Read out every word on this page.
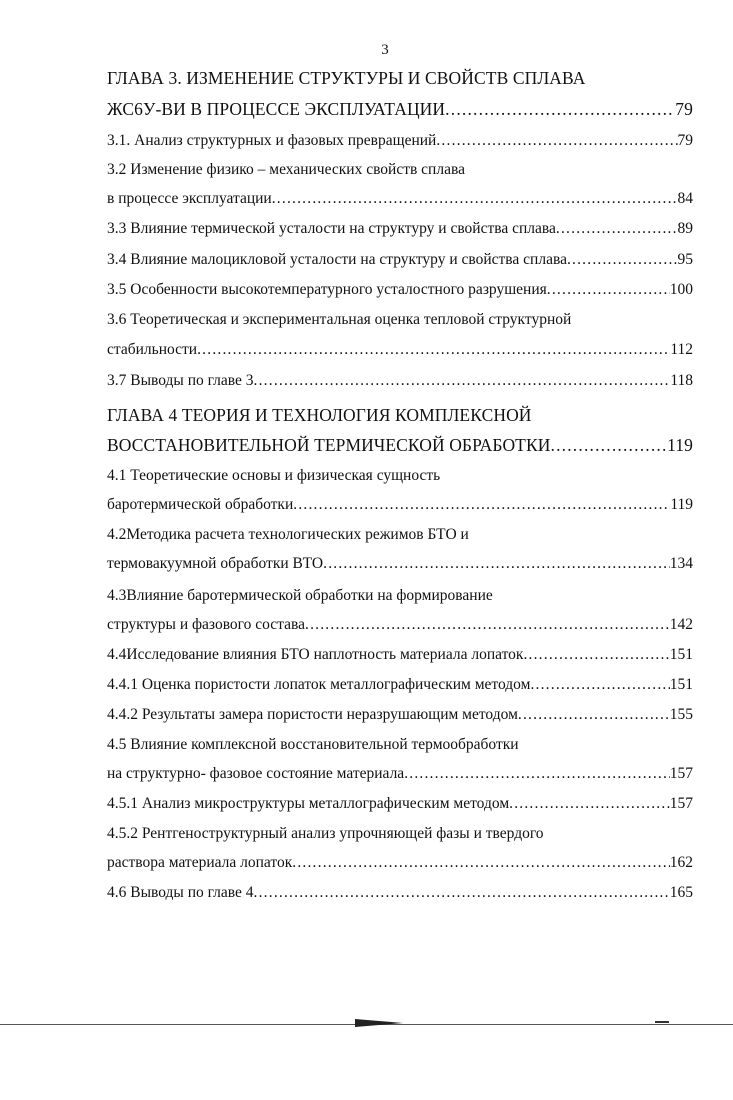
3
ГЛАВА 3. ИЗМЕНЕНИЕ СТРУКТУРЫ И СВОЙСТВ СПЛАВА
ЖС6У-ВИ В ПРОЦЕССЕ ЭКСПЛУАТАЦИИ .....	79
3.1. Анализ структурных и фазовых превращений .....	79
3.2 Изменение физико – механических свойств сплава
в процессе эксплуатации .....	84
3.3 Влияние термической усталости на структуру и свойства сплава .....	89
3.4 Влияние малоцикловой усталости на структуру и свойства сплава .....	95
3.5 Особенности высокотемпературного усталостного разрушения .....	100
3.6 Теоретическая и экспериментальная оценка тепловой структурной
стабильности .....	112
3.7 Выводы по главе 3 .....	118
ГЛАВА 4 ТЕОРИЯ И ТЕХНОЛОГИЯ КОМПЛЕКСНОЙ
ВОССТАНОВИТЕЛЬНОЙ ТЕРМИЧЕСКОЙ ОБРАБОТКИ .....	119
4.1 Теоретические основы и физическая сущность
баротермической обработки .....	119
4.2Методика расчета технологических режимов БТО и
термовакуумной обработки ВТО .....	134
4.3Влияние баротермической обработки на формирование
структуры и фазового состава .....	142
4.4Исследование влияния БТО наплотность материала лопаток .....	151
4.4.1 Оценка пористости лопаток металлографическим методом .....	151
4.4.2 Результаты замера пористости неразрушающим методом .....	155
4.5 Влияние комплексной восстановительной термообработки
на структурно- фазовое состояние материала .....	157
4.5.1 Анализ микроструктуры металлографическим методом .....	157
4.5.2 Рентгеноструктурный анализ упрочняющей фазы и твердого
раствора материала лопаток .....	162
4.6 Выводы по главе 4 .....	165
